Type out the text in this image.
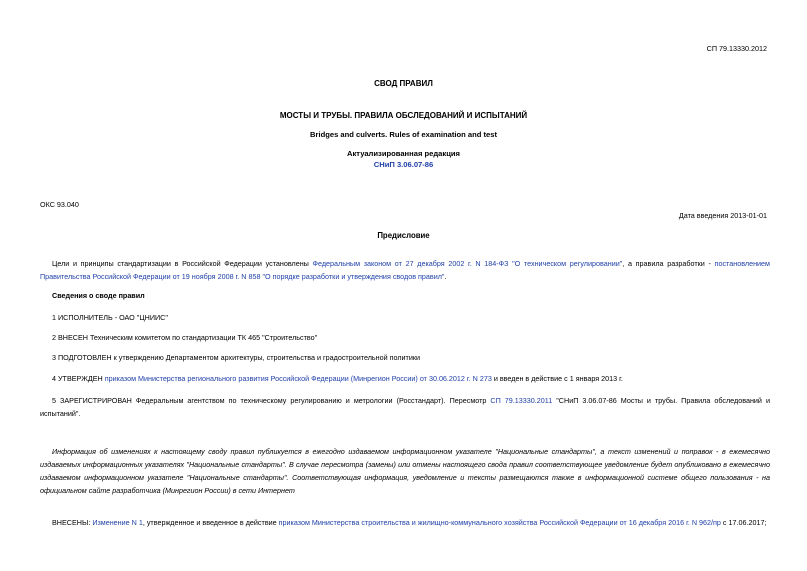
СП 79.13330.2012
СВОД ПРАВИЛ
МОСТЫ И ТРУБЫ. ПРАВИЛА ОБСЛЕДОВАНИЙ И ИСПЫТАНИЙ
Bridges and culverts. Rules of examination and test
Актуализированная редакция
СНиП 3.06.07-86
ОКС 93.040
Дата введения 2013-01-01
Предисловие
Цели и принципы стандартизации в Российской Федерации установлены Федеральным законом от 27 декабря 2002 г. N 184-ФЗ "О техническом регулировании", а правила разработки - постановлением Правительства Российской Федерации от 19 ноября 2008 г. N 858 "О порядке разработки и утверждения сводов правил".
Сведения о своде правил
1 ИСПОЛНИТЕЛЬ - ОАО "ЦНИИС"
2 ВНЕСЕН Техническим комитетом по стандартизации ТК 465 "Строительство"
3 ПОДГОТОВЛЕН к утверждению Департаментом архитектуры, строительства и градостроительной политики
4 УТВЕРЖДЕН приказом Министерства регионального развития Российской Федерации (Минрегион России) от 30.06.2012 г. N 273 и введен в действие с 1 января 2013 г.
5 ЗАРЕГИСТРИРОВАН Федеральным агентством по техническому регулированию и метрологии (Росстандарт). Пересмотр СП 79.13330.2011 "СНиП 3.06.07-86 Мосты и трубы. Правила обследований и испытаний".
Информация об изменениях к настоящему своду правил публикуется в ежегодно издаваемом информационном указателе "Национальные стандарты", а текст изменений и поправок - в ежемесячно издаваемых информационных указателях "Национальные стандарты". В случае пересмотра (замены) или отмены настоящего свода правил соответствующее уведомление будет опубликовано в ежемесячно издаваемом информационном указателе "Национальные стандарты". Соответствующая информация, уведомление и тексты размещаются также в информационной системе общего пользования - на официальном сайте разработчика (Минрегион России) в сети Интернет
ВНЕСЕНЫ: Изменение N 1, утвержденное и введенное в действие приказом Министерства строительства и жилищно-коммунального хозяйства Российской Федерации от 16 декабря 2016 г. N 962/пр с 17.06.2017;
